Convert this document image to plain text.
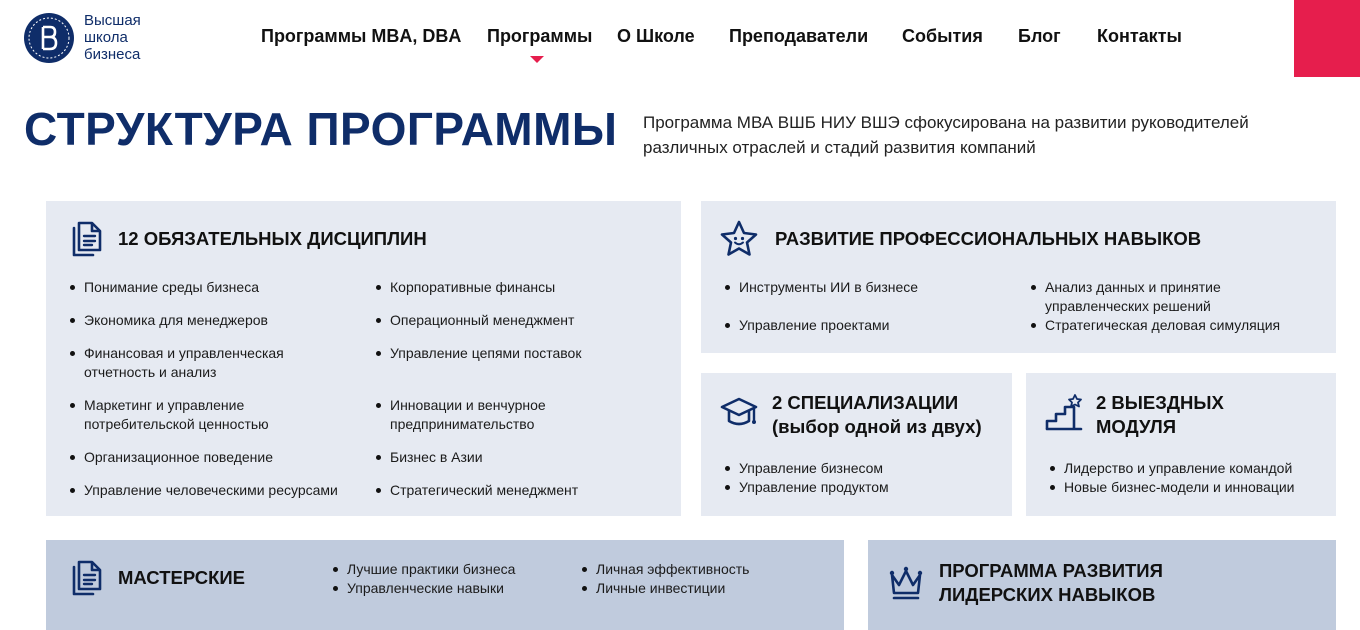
Высшая
школа
бизнеса
Программы MBA, DBA Программы О Школе Преподаватели События Блог Контакты
СТРУКТУРА ПРОГРАММЫ Программа МВА ВШБ НИУ ВШЭ сфокусирована на развитии руководителей различных отраслей и стадий развития компаний

12 ОБЯЗАТЕЛЬНЫХ ДИСЦИПЛИН
Понимание среды бизнеса
Экономика для менеджеров
Финансовая и управленческая отчетность и анализ
Маркетинг и управление потребительской ценностью
Организационное поведение
Управление человеческими ресурсами
Корпоративные финансы
Операционный менеджмент
Управление цепями поставок
Инновации и венчурное предпринимательство
Бизнес в Азии
Стратегический менеджмент
РАЗВИТИЕ ПРОФЕССИОНАЛЬНЫХ НАВЫКОВ
Инструменты ИИ в бизнесе
Управление проектами
Анализ данных и принятие управленческих решений
Стратегическая деловая симуляция
2 СПЕЦИАЛИЗАЦИИ
(выбор одной из двух)
Управление бизнесом
Управление продуктом
2 ВЫЕЗДНЫХ
МОДУЛЯ
Лидерство и управление командой
Новые бизнес-модели и инновации
МАСТЕРСКИЕ	Лучшие практики бизнеса
Управленческие навыки
Личная эффективность
Личные инвестиции
ПРОГРАММА РАЗВИТИЯ
ЛИДЕРСКИХ НАВЫКОВ
